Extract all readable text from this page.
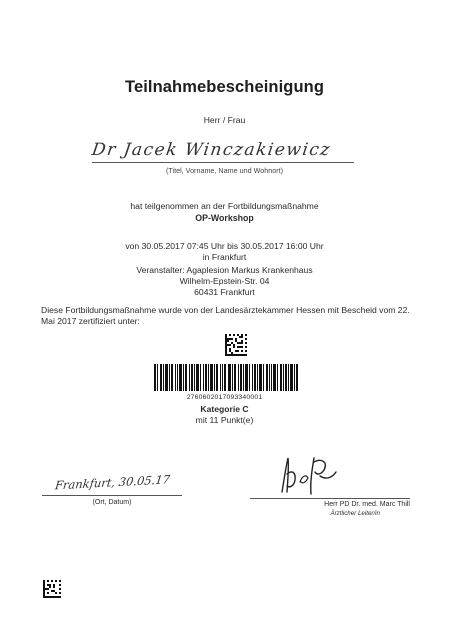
Teilnahmebescheinigung
Herr / Frau
Dr Jacek Winczakiewicz
(Titel, Vorname, Name und Wohnort)
hat teilgenommen an der Fortbildungsmaßnahme
OP-Workshop
von 30.05.2017 07:45 Uhr bis 30.05.2017 16:00 Uhr
in Frankfurt
Veranstalter: Agaplesion Markus Krankenhaus
Wilhelm-Epstein-Str. 04
60431 Frankfurt
Diese Fortbildungsmaßnahme wurde von der Landesärztekammer Hessen mit Bescheid vom 22. Mai 2017 zertifiziert unter:
2760602017093340001
Kategorie C
mit 11 Punkt(e)
Frankfurt, 30.05.17
(Ort, Datum)	Herr PD Dr. med. Marc Thill
Ärztlicher Leiter/in
